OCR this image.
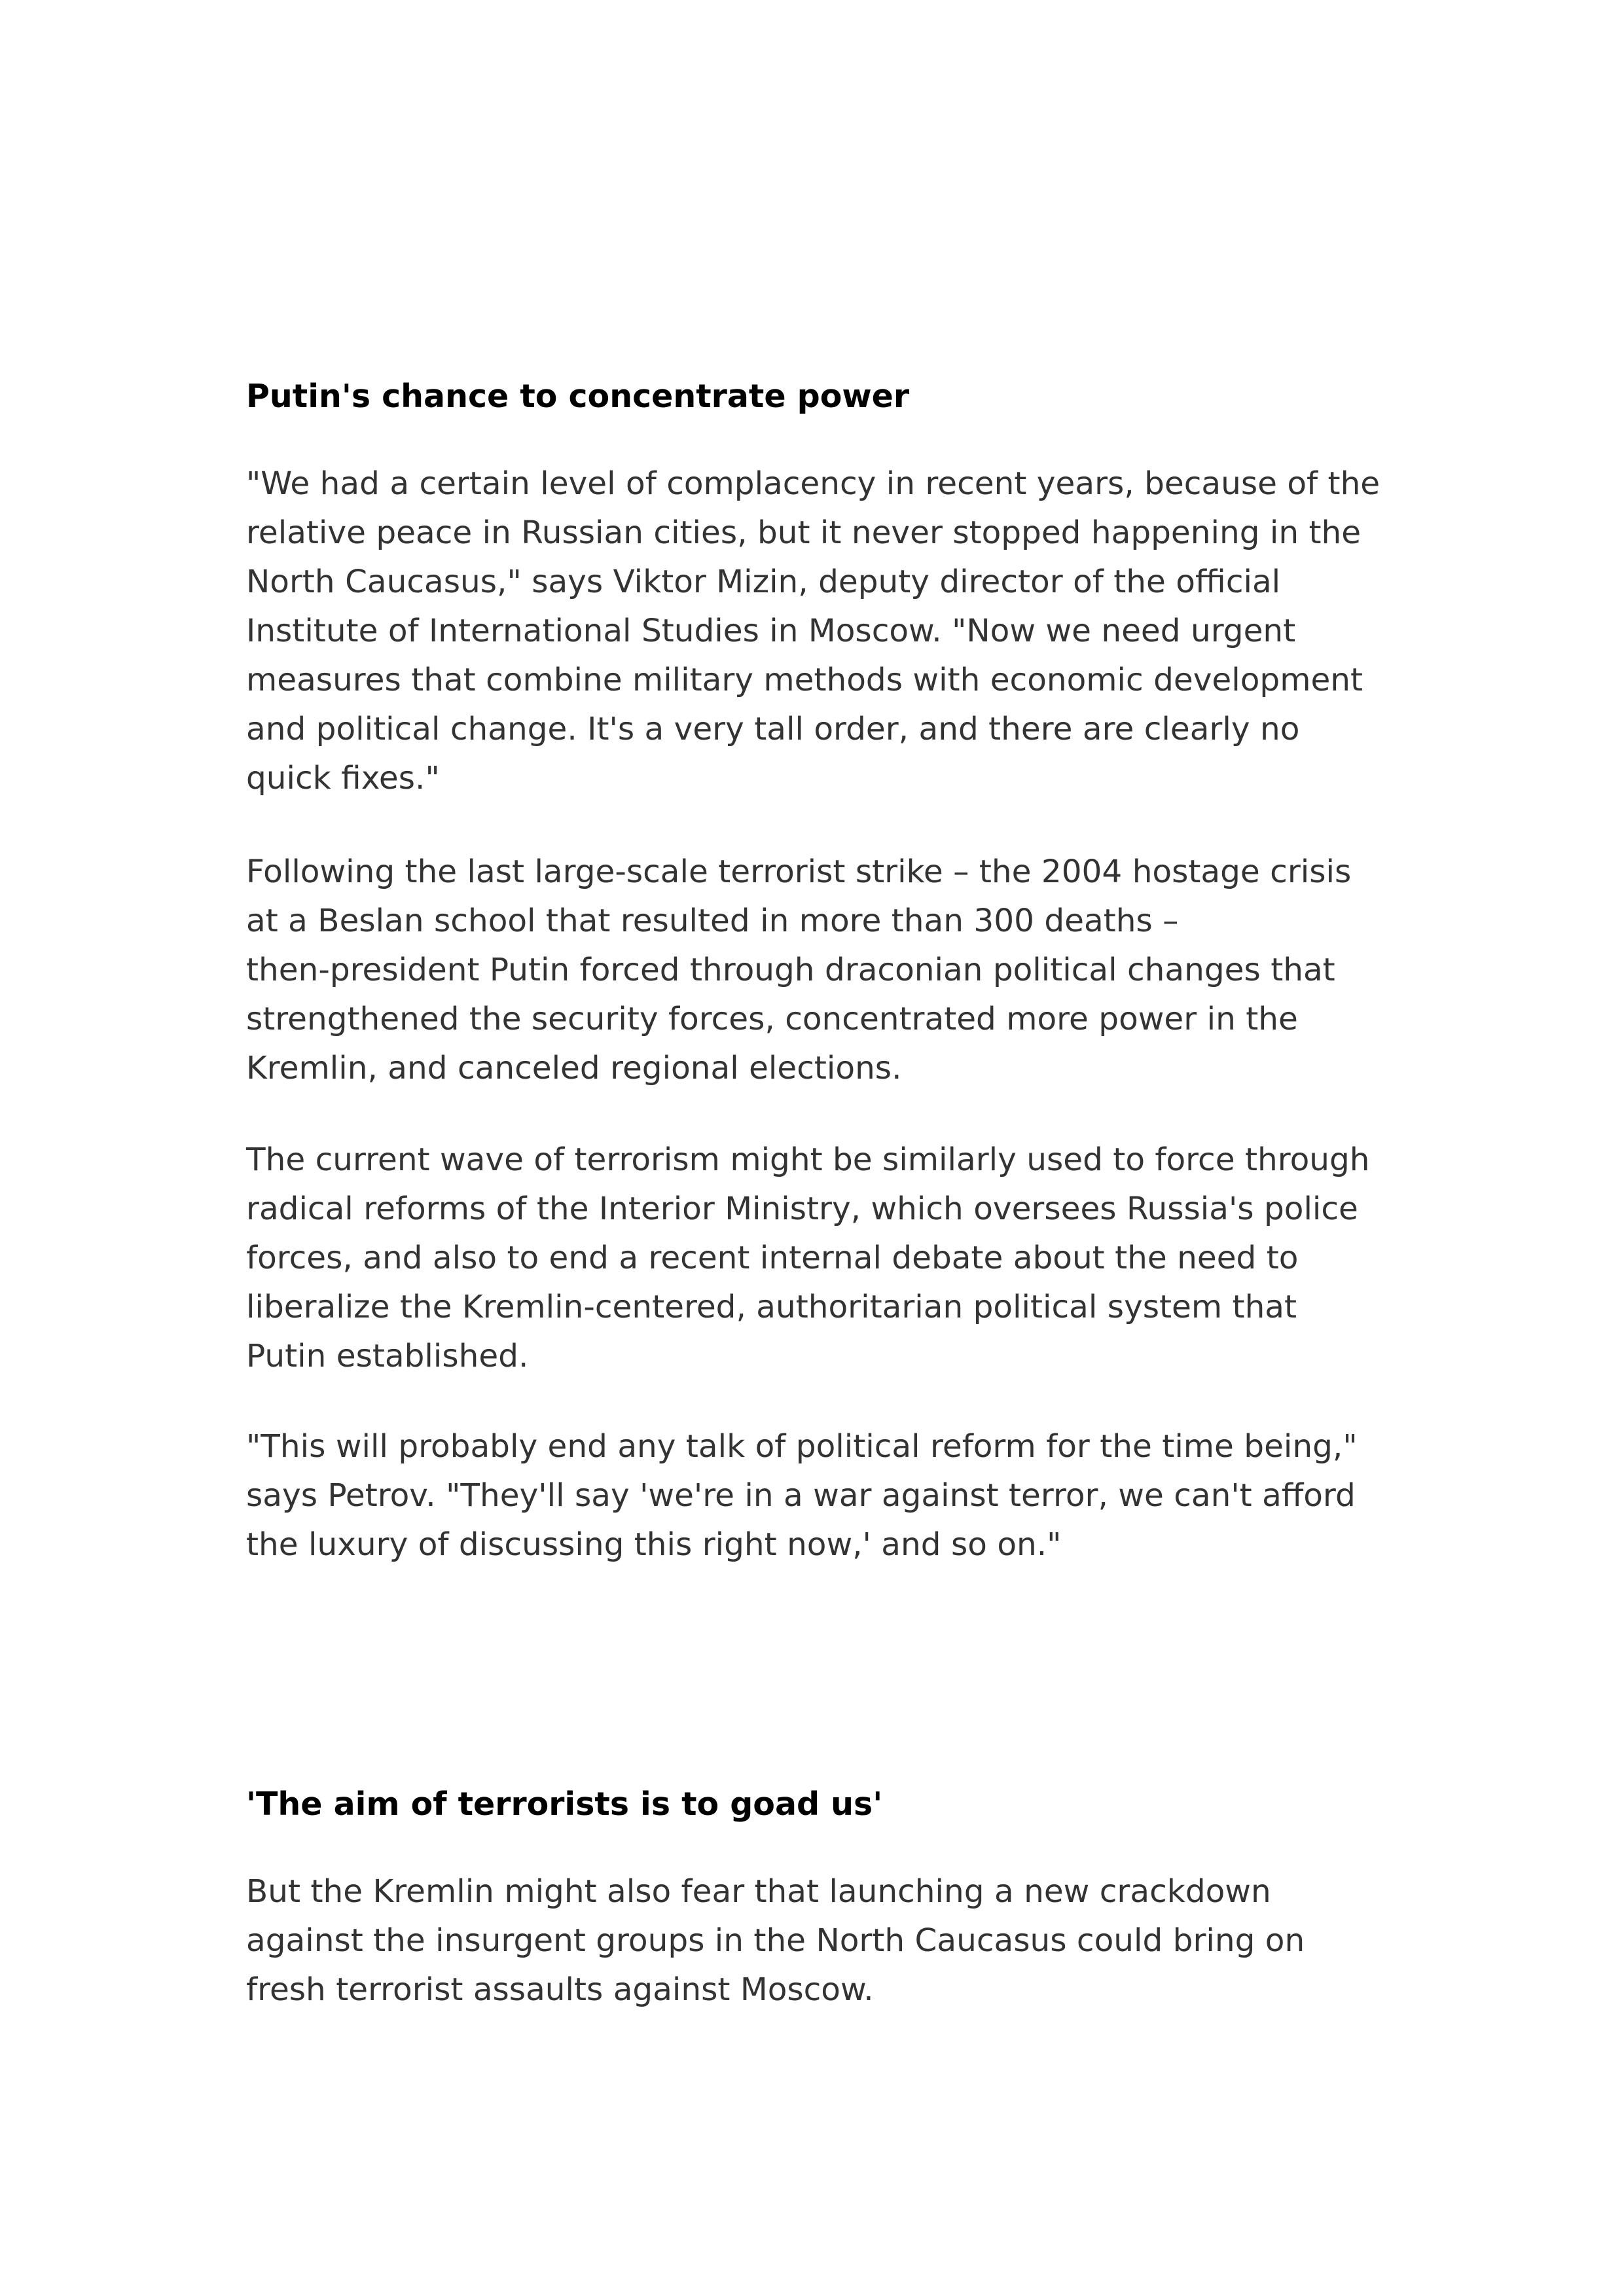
Putin's chance to concentrate power

"We had a certain level of complacency in recent years, because of the
relative peace in Russian cities, but it never stopped happening in the
North Caucasus," says Viktor Mizin, deputy director of the official
Institute of International Studies in Moscow. "Now we need urgent
measures that combine military methods with economic development
and political change. It's a very tall order, and there are clearly no
quick fixes."

Following the last large-scale terrorist strike – the 2004 hostage crisis
at a Beslan school that resulted in more than 300 deaths –
then-president Putin forced through draconian political changes that
strengthened the security forces, concentrated more power in the
Kremlin, and canceled regional elections.

The current wave of terrorism might be similarly used to force through
radical reforms of the Interior Ministry, which oversees Russia's police
forces, and also to end a recent internal debate about the need to
liberalize the Kremlin-centered, authoritarian political system that
Putin established.

"This will probably end any talk of political reform for the time being,"
says Petrov. "They'll say 'we're in a war against terror, we can't afford
the luxury of discussing this right now,' and so on."

'The aim of terrorists is to goad us'

But the Kremlin might also fear that launching a new crackdown
against the insurgent groups in the North Caucasus could bring on
fresh terrorist assaults against Moscow.
